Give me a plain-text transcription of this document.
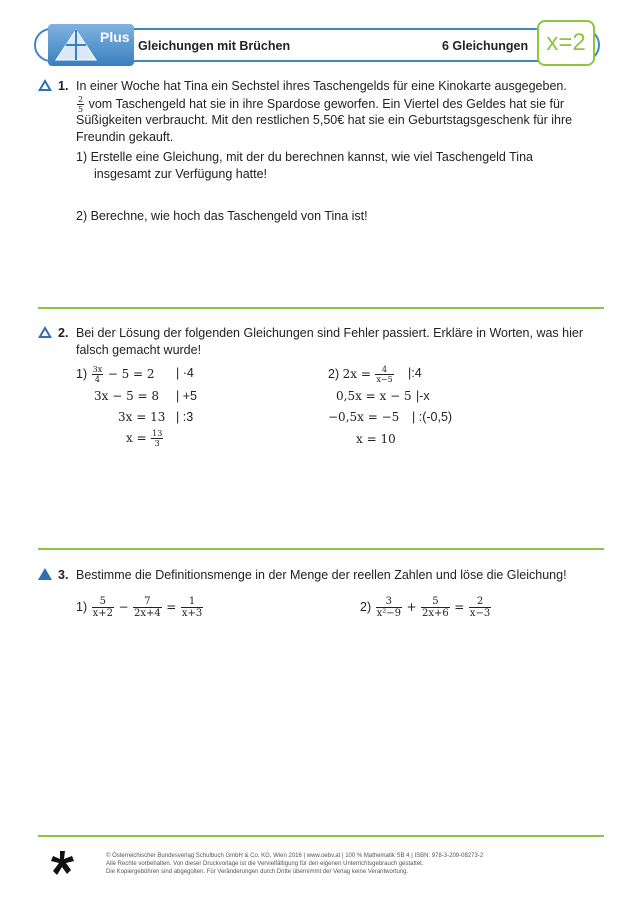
Plus
Gleichungen mit Brüchen	6 Gleichungen x=2
1. In einer Woche hat Tina ein Sechstel ihres Taschengelds für eine Kinokarte ausgegeben.
$\frac{2}{5}$ vom Taschengeld hat sie in ihre Spardose geworfen. Ein Viertel des Geldes hat sie für
Süßigkeiten verbraucht. Mit den restlichen 5,50€ hat sie ein Geburtstagsgeschenk für ihre
Freundin gekauft.
1) Erstelle eine Gleichung, mit der du berechnen kannst, wie viel Taschengeld Tina
insgesamt zur Verfügung hatte!
2) Berechne, wie hoch das Taschengeld von Tina ist!
2. Bei der Lösung der folgenden Gleichungen sind Fehler passiert. Erkläre in Worten, was hier
falsch gemacht wurde!
$1) \frac{3x}{4} - 5 = 2$ | ·4
3x − 5 = 8 | +5
3x = 13 | :3
$x = \frac{13}{3}$
2) $2x = \frac{4}{x-5}$ |:4
0,5x = x − 5 |-x
−0,5x = −5 | :(-0,5)
x = 10
3. Bestimme die Definitionsmenge in der Menge der reellen Zahlen und löse die Gleichung!
$1) \frac{5}{x+2} - \frac{7}{2x+4} = \frac{1}{x+3}$	$2) \frac{3}{\text{x²−9}} + \frac{5}{2x+6} = \frac{2}{x-3}$
© Österreichischer Bundesverlag Schulbuch GmbH & Co. KG, Wien 2016 | www.oebv.at | 100 % Mathematik SB 4 | ISBN: 978-3-209-08273-2
Alle Rechte vorbehalten. Von dieser Druckvorlage ist die Vervielfältigung für den eigenen Unterrichtsgebrauch gestattet.
Die Kopiergebühren sind abgegolten. Für Veränderungen durch Dritte übernimmt der Verlag keine Verantwortung.
